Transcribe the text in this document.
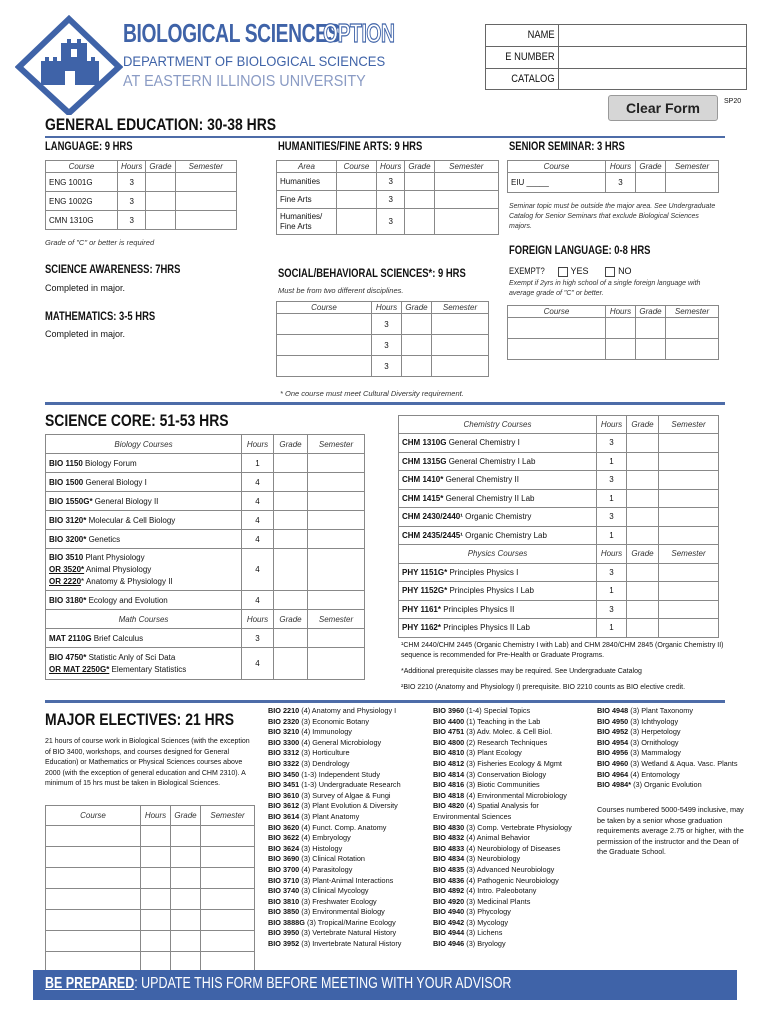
BIOLOGICAL SCIENCES
OPTION
DEPARTMENT OF BIOLOGICAL SCIENCES
AT EASTERN ILLINOIS UNIVERSITY
NAME
E NUMBER
CATALOG
Clear Form	SP20
GENERAL EDUCATION: 30-38 HRS
LANGUAGE: 9 HRS
Course	Hours	Grade	Semester
ENG 1001G	3		
ENG 1002G	3		
CMN 1310G	3		
Grade of "C" or better is required
SCIENCE AWARENESS: 7HRS
Completed in major.
MATHEMATICS: 3-5 HRS
Completed in major.
HUMANITIES/FINE ARTS: 9 HRS
Area	Course	Hours	Grade	Semester
Humanities		3		
Fine Arts		3		
Humanities/ Fine Arts		3		
SOCIAL/BEHAVIORAL SCIENCES*: 9 HRS
Must be from two different disciplines.
Course	Hours	Grade	Semester
	3		
	3		
	3		
* One course must meet Cultural Diversity requirement.
SENIOR SEMINAR: 3 HRS
Course	Hours	Grade	Semester
EIU _____	3		
Seminar topic must be outside the major area. See Undergraduate Catalog for Senior Seminars that exclude Biological Sciences majors.
FOREIGN LANGUAGE: 0-8 HRS
EXEMPT?	YES	NO
Exempt if 2yrs in high school of a single foreign language with average grade of "C" or better.
Course	Hours	Grade	Semester

SCIENCE CORE: 51-53 HRS
Biology Courses	Hours	Grade	Semester
BIO 1150 Biology Forum	1		
BIO 1500 General Biology I	4		
BIO 1550G* General Biology II	4		
BIO 3120* Molecular & Cell Biology	4		
BIO 3200* Genetics	4		
BIO 3510 Plant Physiology
OR 3520* Animal Physiology
OR 2220* Anatomy & Physiology II	4		
BIO 3180* Ecology and Evolution	4		
Math Courses	Hours	Grade	Semester
MAT 2110G Brief Calculus	3		
BIO 4750* Statistic Anly of Sci Data
OR MAT 2250G* Elementary Statistics	4		
Chemistry Courses	Hours	Grade	Semester
CHM 1310G General Chemistry I	3		
CHM 1315G General Chemistry I Lab	1		
CHM 1410* General Chemistry II	3		
CHM 1415* General Chemistry II Lab	1		
CHM 2430/2440¹ Organic Chemistry	3		
CHM 2435/2445¹ Organic Chemistry Lab	1		
Physics Courses	Hours	Grade	Semester
PHY 1151G* Principles Physics I	3		
PHY 1152G* Principles Physics I Lab	1		
PHY 1161* Principles Physics II	3		
PHY 1162* Principles Physics II Lab	1		
¹CHM 2440/CHM 2445 (Organic Chemistry I with Lab) and CHM 2840/CHM 2845 (Organic Chemistry II) sequence is recommended for Pre-Health or Graduate Programs.
*Additional prerequisite classes may be required. See Undergraduate Catalog
²BIO 2210 (Anatomy and Physiology I) prerequisite. BIO 2210 counts as BIO elective credit.
MAJOR ELECTIVES: 21 HRS
21 hours of course work in Biological Sciences (with the exception of BIO 3400, workshops, and courses designed for General Education) or Mathematics or Physical Sciences courses above 2000 (with the exception of general education and CHM 2310). A minimum of 15 hrs must be taken in Biological Sciences.
Course	Hours	Grade	Semester

BIO 2210 (4) Anatomy and Physiology I
BIO 2320 (3) Economic Botany
BIO 3210 (4) Immunology
BIO 3300 (4) General Microbiology
BIO 3312 (3) Horticulture
BIO 3322 (3) Dendrology
BIO 3450 (1-3) Independent Study
BIO 3451 (1-3) Undergraduate Research
BIO 3610 (3) Survey of Algae & Fungi
BIO 3612 (3) Plant Evolution & Diversity
BIO 3614 (3) Plant Anatomy
BIO 3620 (4) Funct. Comp. Anatomy
BIO 3622 (4) Embryology
BIO 3624 (3) Histology
BIO 3690 (3) Clinical Rotation
BIO 3700 (4) Parasitology
BIO 3710 (3) Plant-Animal Interactions
BIO 3740 (3) Clinical Mycology
BIO 3810 (3) Freshwater Ecology
BIO 3850 (3) Environmental Biology
BIO 3888G (3) Tropical/Marine Ecology
BIO 3950 (3) Vertebrate Natural History
BIO 3952 (3) Invertebrate Natural History
BIO 3960 (1-4) Special Topics
BIO 4400 (1) Teaching in the Lab
BIO 4751 (3) Adv. Molec. & Cell Biol.
BIO 4800 (2) Research Techniques
BIO 4810 (3) Plant Ecology
BIO 4812 (3) Fisheries Ecology & Mgmt
BIO 4814 (3) Conservation Biology
BIO 4816 (3) Biotic Communities
BIO 4818 (4) Environmental Microbiology
BIO 4820 (4) Spatial Analysis for
Environmental Sciences
BIO 4830 (3) Comp. Vertebrate Physiology
BIO 4832 (4) Animal Behavior
BIO 4833 (4) Neurobiology of Diseases
BIO 4834 (3) Neurobiology
BIO 4835 (3) Advanced Neurobiology
BIO 4836 (4) Pathogenic Neurobiology
BIO 4892 (4) Intro. Paleobotany
BIO 4920 (3) Medicinal Plants
BIO 4940 (3) Phycology
BIO 4942 (3) Mycology
BIO 4944 (3) Lichens
BIO 4946 (3) Bryology
BIO 4948 (3) Plant Taxonomy
BIO 4950 (3) Ichthyology
BIO 4952 (3) Herpetology
BIO 4954 (3) Ornithology
BIO 4956 (3) Mammalogy
BIO 4960 (3) Wetland & Aqua. Vasc. Plants
BIO 4964 (4) Entomology
BIO 4984* (3) Organic Evolution
Courses numbered 5000-5499 inclusive, may be taken by a senior whose graduation requirements average 2.75 or higher, with the permission of the instructor and the Dean of the Graduate School.
BE PREPARED: UPDATE THIS FORM BEFORE MEETING WITH YOUR ADVISOR
